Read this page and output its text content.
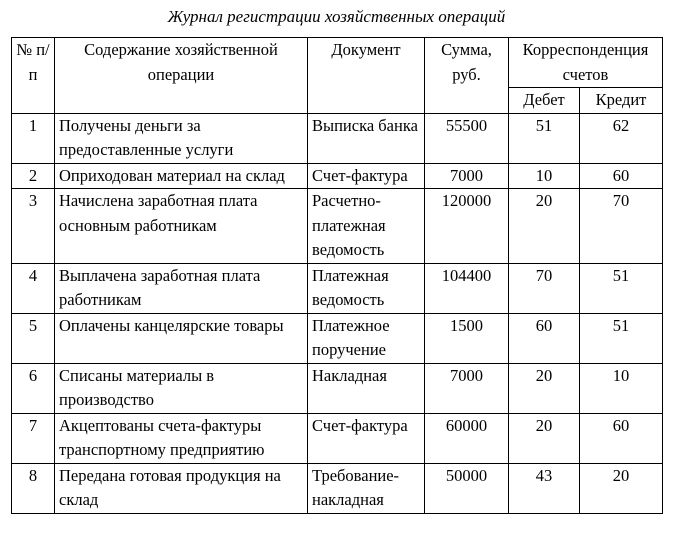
Журнал регистрации хозяйственных операций
№ п/п	Содержание хозяйственной операции	Документ	Сумма, руб.	Корреспонденция счетов	
				Дебет	Кредит
1	Получены деньги за предоставленные услуги	Выписка банка	55500	51	62
2	Оприходован материал на склад	Счет-фактура	7000	10	60
3	Начислена заработная плата основным работникам	Расчетно-платежная ведомость	120000	20	70
4	Выплачена заработная плата работникам	Платежная ведомость	104400	70	51
5	Оплачены канцелярские товары	Платежное поручение	1500	60	51
6	Списаны материалы в производство	Накладная	7000	20	10
7	Акцептованы счета-фактуры транспортному предприятию	Счет-фактура	60000	20	60
8	Передана готовая продукция на склад	Требование-накладная	50000	43	20
